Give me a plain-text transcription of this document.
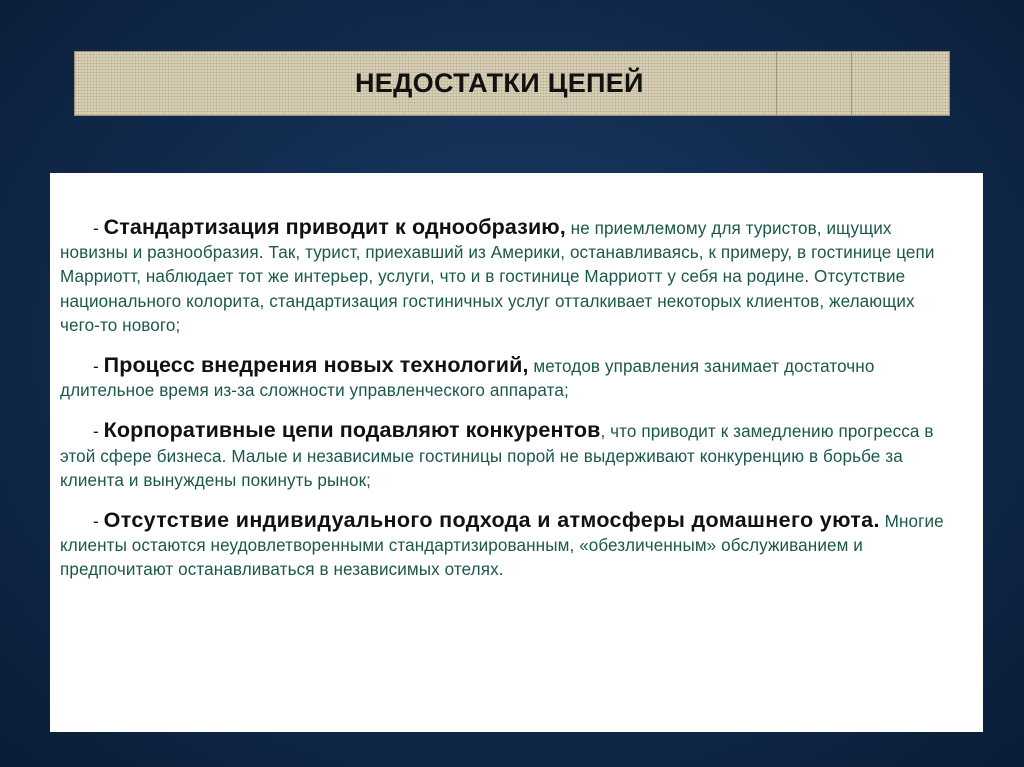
НЕДОСТАТКИ ЦЕПЕЙ

- Стандартизация приводит к однообразию, не приемлемому для туристов, ищущих новизны и разнообразия. Так, турист, приехавший из Америки, останавливаясь, к примеру, в гостинице цепи Марриотт, наблюдает тот же интерьер, услуги, что и в гостинице Марриотт у себя на родине. Отсутствие национального колорита, стандартизация гостиничных услуг отталкивает некоторых клиентов, желающих чего-то нового;

- Процесс внедрения новых технологий, методов управления занимает достаточно длительное время из-за сложности управленческого аппарата;

- Корпоративные цепи подавляют конкурентов, что приводит к замедлению прогресса в этой сфере бизнеса. Малые и независимые гостиницы порой не выдерживают конкуренцию в борьбе за клиента и вынуждены покинуть рынок;

- Отсутствие индивидуального подхода и атмосферы домашнего уюта. Многие клиенты остаются неудовлетворенными стандартизированным, «обезличенным» обслуживанием и предпочитают останавливаться в независимых отелях.
